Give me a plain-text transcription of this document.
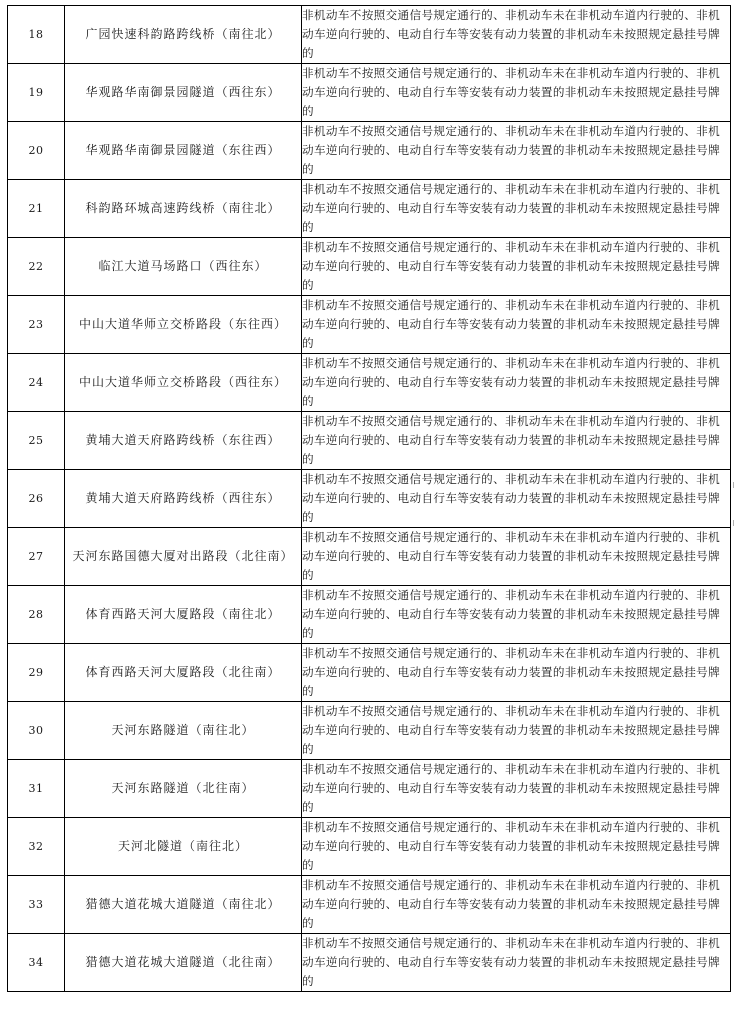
18	广园快速科韵路跨线桥（南往北）	非机动车不按照交通信号规定通行的、非机动车未在非机动车道内行驶的、非机动车逆向行驶的、电动自行车等安装有动力装置的非机动车未按照规定悬挂号牌的
19	华观路华南御景园隧道（西往东）	非机动车不按照交通信号规定通行的、非机动车未在非机动车道内行驶的、非机动车逆向行驶的、电动自行车等安装有动力装置的非机动车未按照规定悬挂号牌的
20	华观路华南御景园隧道（东往西）	非机动车不按照交通信号规定通行的、非机动车未在非机动车道内行驶的、非机动车逆向行驶的、电动自行车等安装有动力装置的非机动车未按照规定悬挂号牌的
21	科韵路环城高速跨线桥（南往北）	非机动车不按照交通信号规定通行的、非机动车未在非机动车道内行驶的、非机动车逆向行驶的、电动自行车等安装有动力装置的非机动车未按照规定悬挂号牌的
22	临江大道马场路口（西往东）	非机动车不按照交通信号规定通行的、非机动车未在非机动车道内行驶的、非机动车逆向行驶的、电动自行车等安装有动力装置的非机动车未按照规定悬挂号牌的
23	中山大道华师立交桥路段（东往西）	非机动车不按照交通信号规定通行的、非机动车未在非机动车道内行驶的、非机动车逆向行驶的、电动自行车等安装有动力装置的非机动车未按照规定悬挂号牌的
24	中山大道华师立交桥路段（西往东）	非机动车不按照交通信号规定通行的、非机动车未在非机动车道内行驶的、非机动车逆向行驶的、电动自行车等安装有动力装置的非机动车未按照规定悬挂号牌的
25	黄埔大道天府路跨线桥（东往西）	非机动车不按照交通信号规定通行的、非机动车未在非机动车道内行驶的、非机动车逆向行驶的、电动自行车等安装有动力装置的非机动车未按照规定悬挂号牌的
26	黄埔大道天府路跨线桥（西往东）	非机动车不按照交通信号规定通行的、非机动车未在非机动车道内行驶的、非机动车逆向行驶的、电动自行车等安装有动力装置的非机动车未按照规定悬挂号牌的
27	天河东路国德大厦对出路段（北往南）	非机动车不按照交通信号规定通行的、非机动车未在非机动车道内行驶的、非机动车逆向行驶的、电动自行车等安装有动力装置的非机动车未按照规定悬挂号牌的
28	体育西路天河大厦路段（南往北）	非机动车不按照交通信号规定通行的、非机动车未在非机动车道内行驶的、非机动车逆向行驶的、电动自行车等安装有动力装置的非机动车未按照规定悬挂号牌的
29	体育西路天河大厦路段（北往南）	非机动车不按照交通信号规定通行的、非机动车未在非机动车道内行驶的、非机动车逆向行驶的、电动自行车等安装有动力装置的非机动车未按照规定悬挂号牌的
30	天河东路隧道（南往北）	非机动车不按照交通信号规定通行的、非机动车未在非机动车道内行驶的、非机动车逆向行驶的、电动自行车等安装有动力装置的非机动车未按照规定悬挂号牌的
31	天河东路隧道（北往南）	非机动车不按照交通信号规定通行的、非机动车未在非机动车道内行驶的、非机动车逆向行驶的、电动自行车等安装有动力装置的非机动车未按照规定悬挂号牌的
32	天河北隧道（南往北）	非机动车不按照交通信号规定通行的、非机动车未在非机动车道内行驶的、非机动车逆向行驶的、电动自行车等安装有动力装置的非机动车未按照规定悬挂号牌的
33	猎德大道花城大道隧道（南往北）	非机动车不按照交通信号规定通行的、非机动车未在非机动车道内行驶的、非机动车逆向行驶的、电动自行车等安装有动力装置的非机动车未按照规定悬挂号牌的
34	猎德大道花城大道隧道（北往南）	非机动车不按照交通信号规定通行的、非机动车未在非机动车道内行驶的、非机动车逆向行驶的、电动自行车等安装有动力装置的非机动车未按照规定悬挂号牌的
